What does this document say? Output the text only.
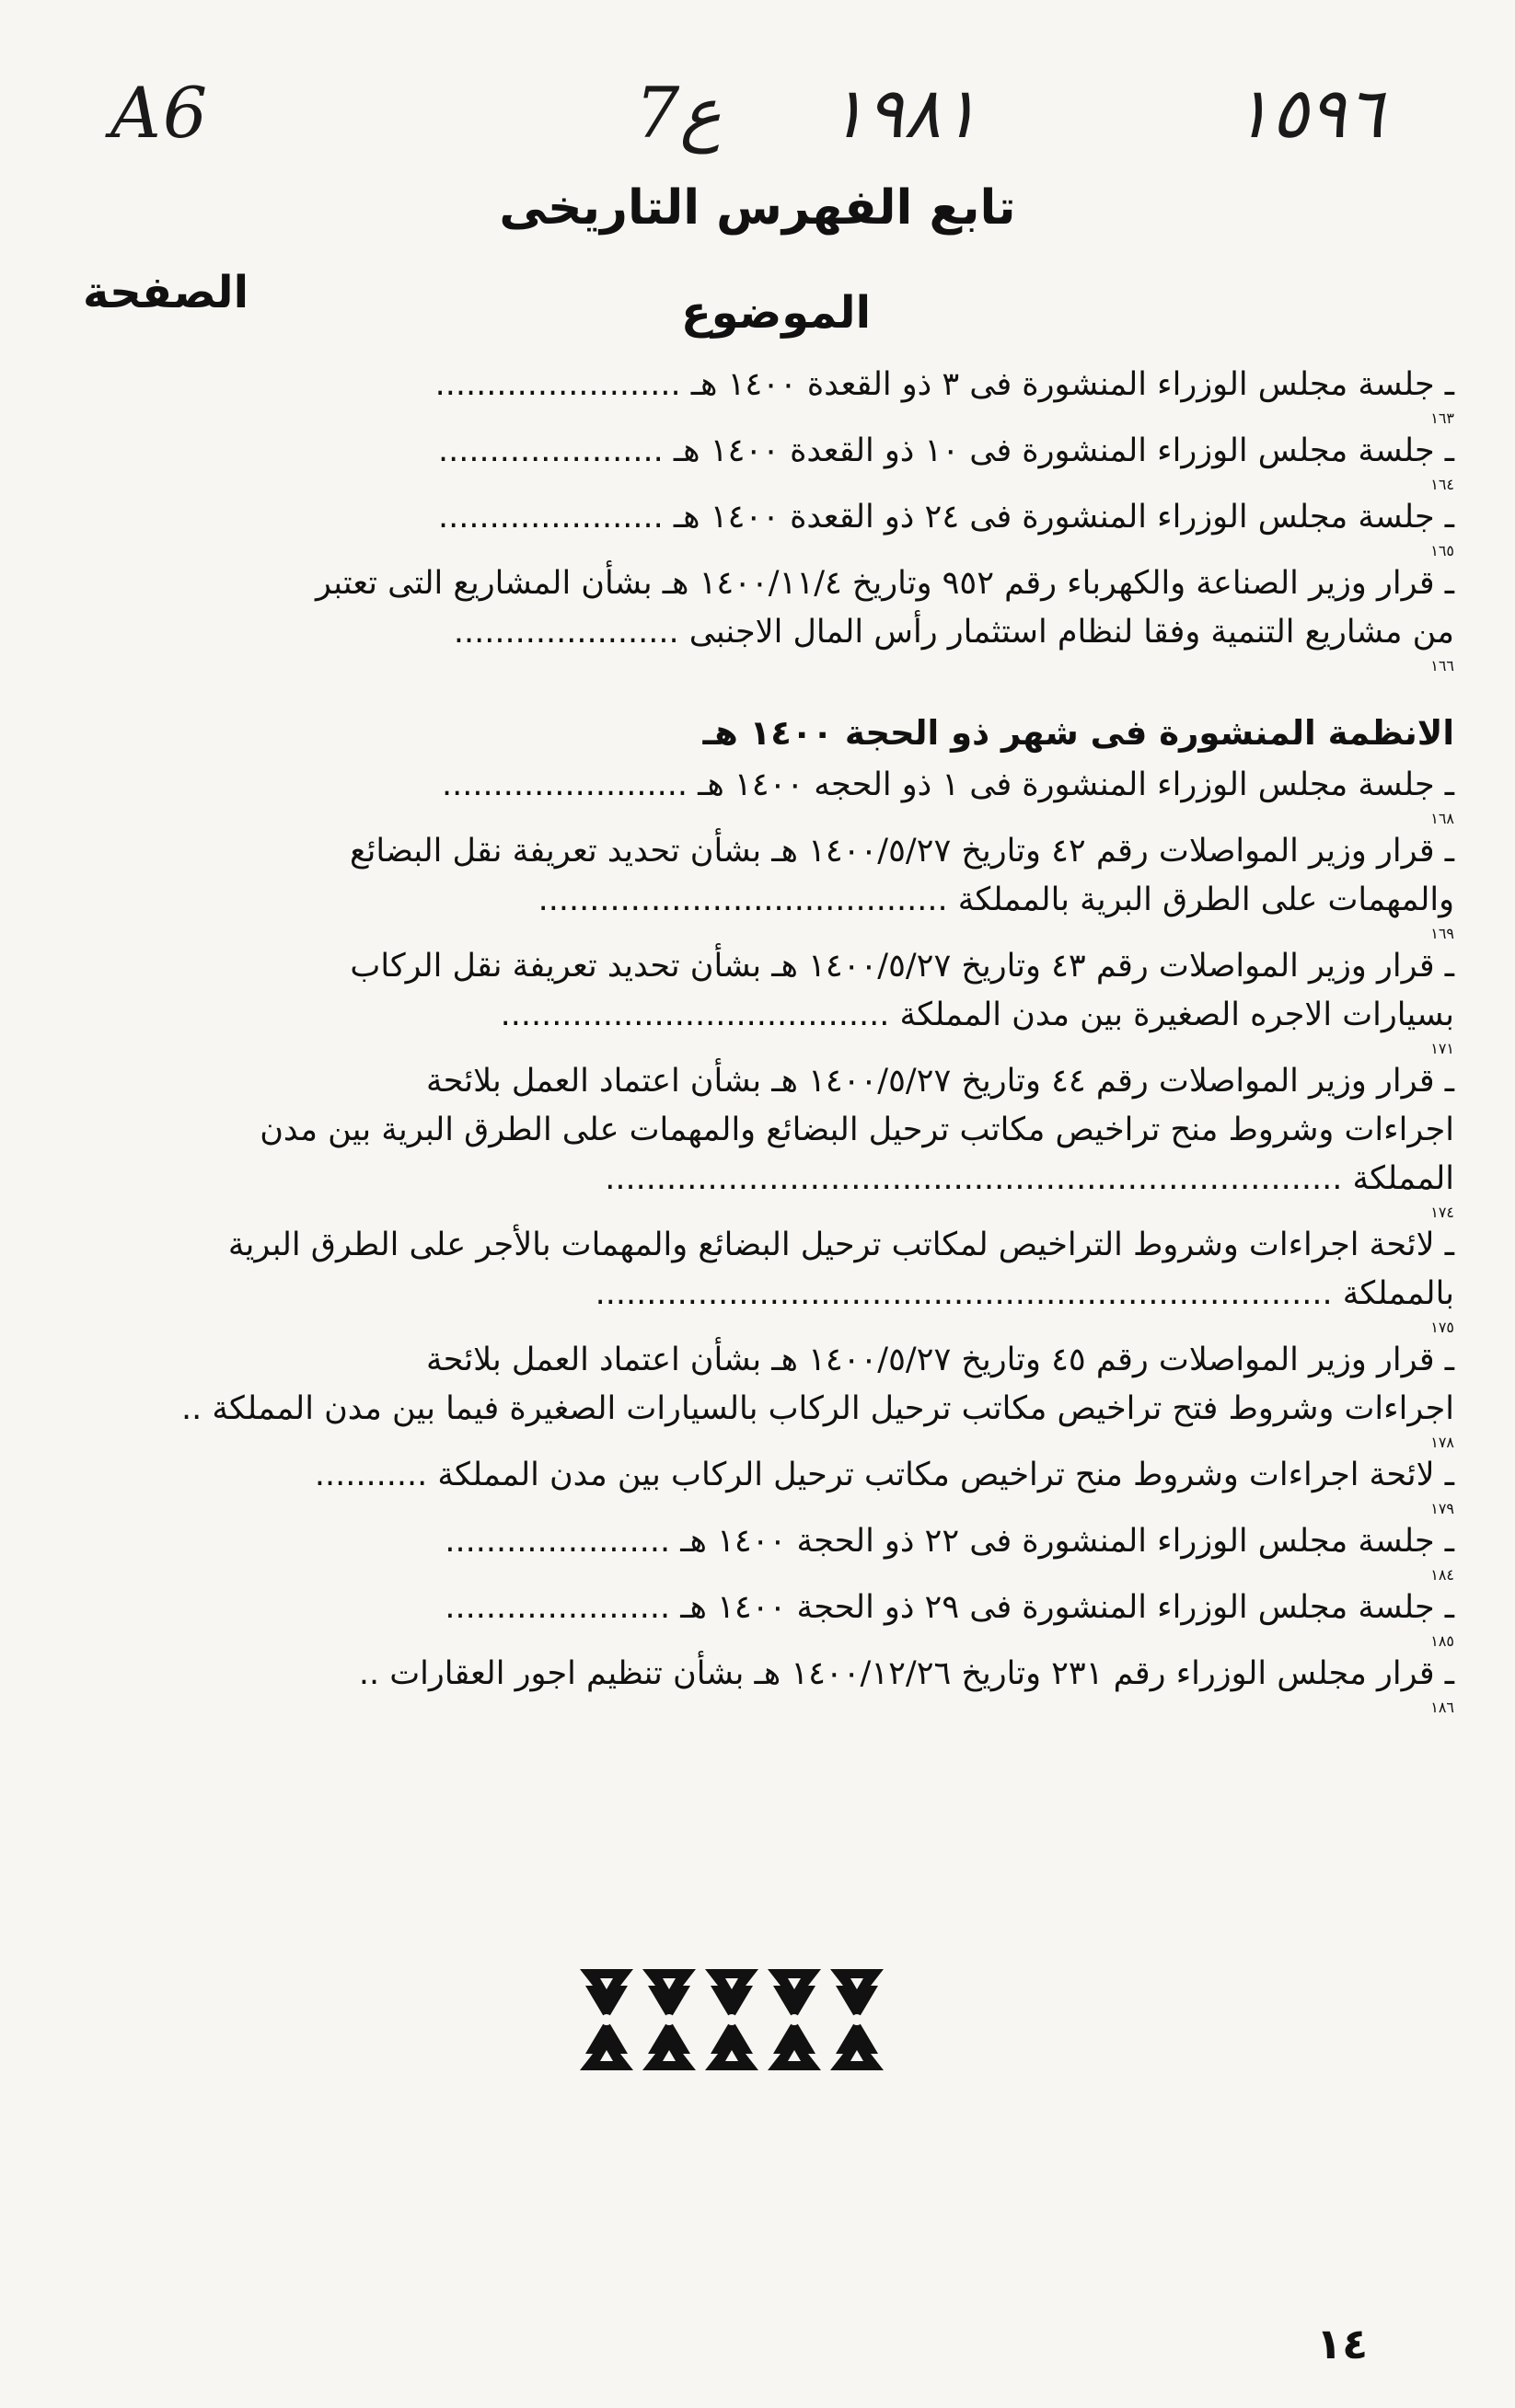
A6	7ع ١٩٨١	١٥٩٦
تابع الفهرس التاريخى
الصفحة	الموضوع
ـ جلسة مجلس الوزراء المنشورة فى ٣ ذو القعدة ١٤٠٠ هـ ........................
١٦٣
ـ جلسة مجلس الوزراء المنشورة فى ١٠ ذو القعدة ١٤٠٠ هـ ......................
١٦٤
ـ جلسة مجلس الوزراء المنشورة فى ٢٤ ذو القعدة ١٤٠٠ هـ ......................
١٦٥
ـ قرار وزير الصناعة والكهرباء رقم ٩٥٢ وتاريخ ١٤٠٠/١١/٤ هـ بشأن المشاريع التى تعتبر
من مشاريع التنمية وفقا لنظام استثمار رأس المال الاجنبى ......................
١٦٦
الانظمة المنشورة فى شهر ذو الحجة ١٤٠٠ هـ
ـ جلسة مجلس الوزراء المنشورة فى ١ ذو الحجه ١٤٠٠ هـ ........................
١٦٨
ـ قرار وزير المواصلات رقم ٤٢ وتاريخ ١٤٠٠/٥/٢٧ هـ بشأن تحديد تعريفة نقل البضائع
والمهمات على الطرق البرية بالمملكة ........................................
١٦٩
ـ قرار وزير المواصلات رقم ٤٣ وتاريخ ١٤٠٠/٥/٢٧ هـ بشأن تحديد تعريفة نقل الركاب
بسيارات الاجره الصغيرة بين مدن المملكة ......................................
١٧١
ـ قرار وزير المواصلات رقم ٤٤ وتاريخ ١٤٠٠/٥/٢٧ هـ بشأن اعتماد العمل بلائحة
اجراءات وشروط منح تراخيص مكاتب ترحيل البضائع والمهمات على الطرق البرية بين مدن
المملكة ........................................................................
١٧٤
ـ لائحة اجراءات وشروط التراخيص لمكاتب ترحيل البضائع والمهمات بالأجر على الطرق البرية
بالمملكة ........................................................................
١٧٥
ـ قرار وزير المواصلات رقم ٤٥ وتاريخ ١٤٠٠/٥/٢٧ هـ بشأن اعتماد العمل بلائحة
اجراءات وشروط فتح تراخيص مكاتب ترحيل الركاب بالسيارات الصغيرة فيما بين مدن المملكة ..
١٧٨
ـ لائحة اجراءات وشروط منح تراخيص مكاتب ترحيل الركاب بين مدن المملكة ...........
١٧٩
ـ جلسة مجلس الوزراء المنشورة فى ٢٢ ذو الحجة ١٤٠٠ هـ ......................
١٨٤
ـ جلسة مجلس الوزراء المنشورة فى ٢٩ ذو الحجة ١٤٠٠ هـ ......................
١٨٥
ـ قرار مجلس الوزراء رقم ٢٣١ وتاريخ ١٤٠٠/١٢/٢٦ هـ بشأن تنظيم اجور العقارات ..
١٨٦
١٤
